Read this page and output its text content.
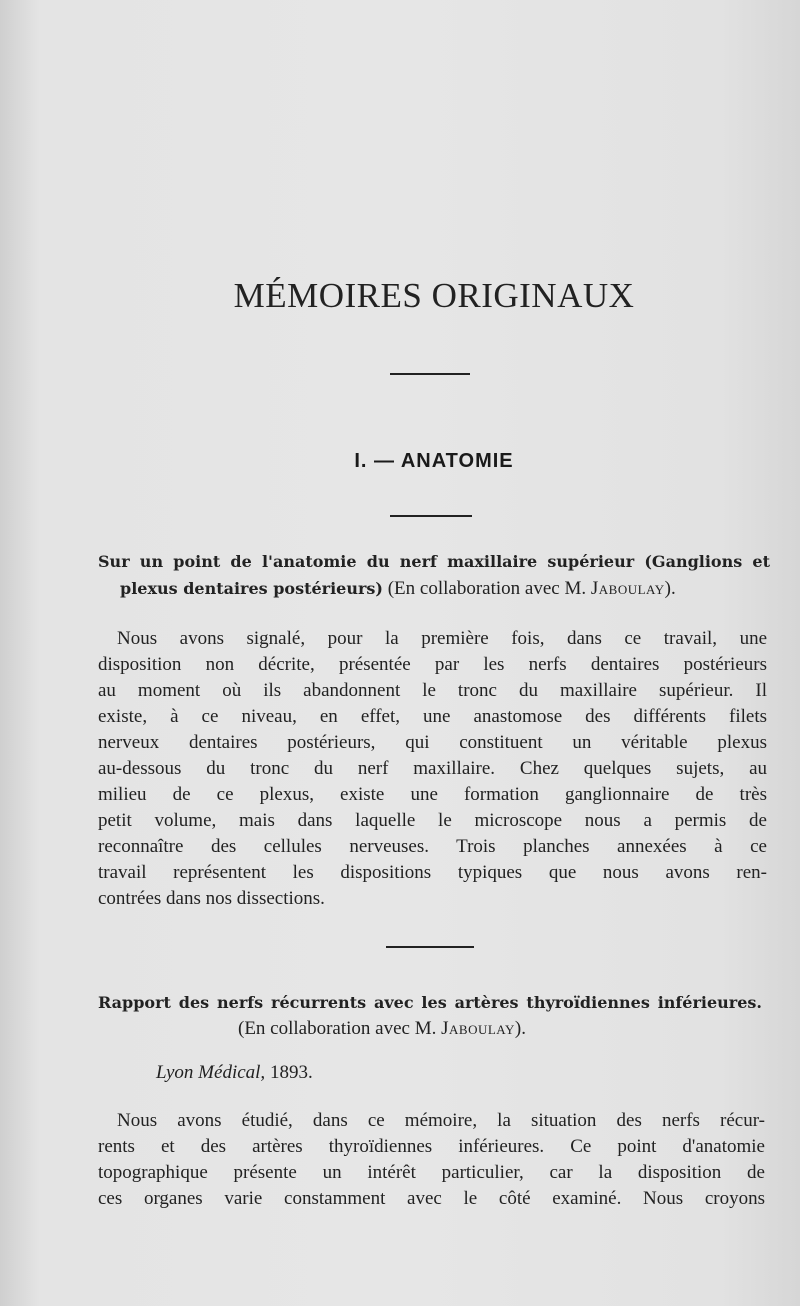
MÉMOIRES ORIGINAUX
I. — ANATOMIE
Sur un point de l'anatomie du nerf maxillaire supérieur (Ganglions et
plexus dentaires postérieurs) (En collaboration avec M. Jaboulay).
Nous avons signalé, pour la première fois, dans ce travail, une
disposition non décrite, présentée par les nerfs dentaires postérieurs
au moment où ils abandonnent le tronc du maxillaire supérieur. Il
existe, à ce niveau, en effet, une anastomose des différents filets
nerveux dentaires postérieurs, qui constituent un véritable plexus
au-dessous du tronc du nerf maxillaire. Chez quelques sujets, au
milieu de ce plexus, existe une formation ganglionnaire de très
petit volume, mais dans laquelle le microscope nous a permis de
reconnaître des cellules nerveuses. Trois planches annexées à ce
travail représentent les dispositions typiques que nous avons ren-
contrées dans nos dissections.
Rapport des nerfs récurrents avec les artères thyroïdiennes inférieures.
(En collaboration avec M. Jaboulay).
Lyon Médical, 1893.
Nous avons étudié, dans ce mémoire, la situation des nerfs récur-
rents et des artères thyroïdiennes inférieures. Ce point d'anatomie
topographique présente un intérêt particulier, car la disposition de
ces organes varie constamment avec le côté examiné. Nous croyons
